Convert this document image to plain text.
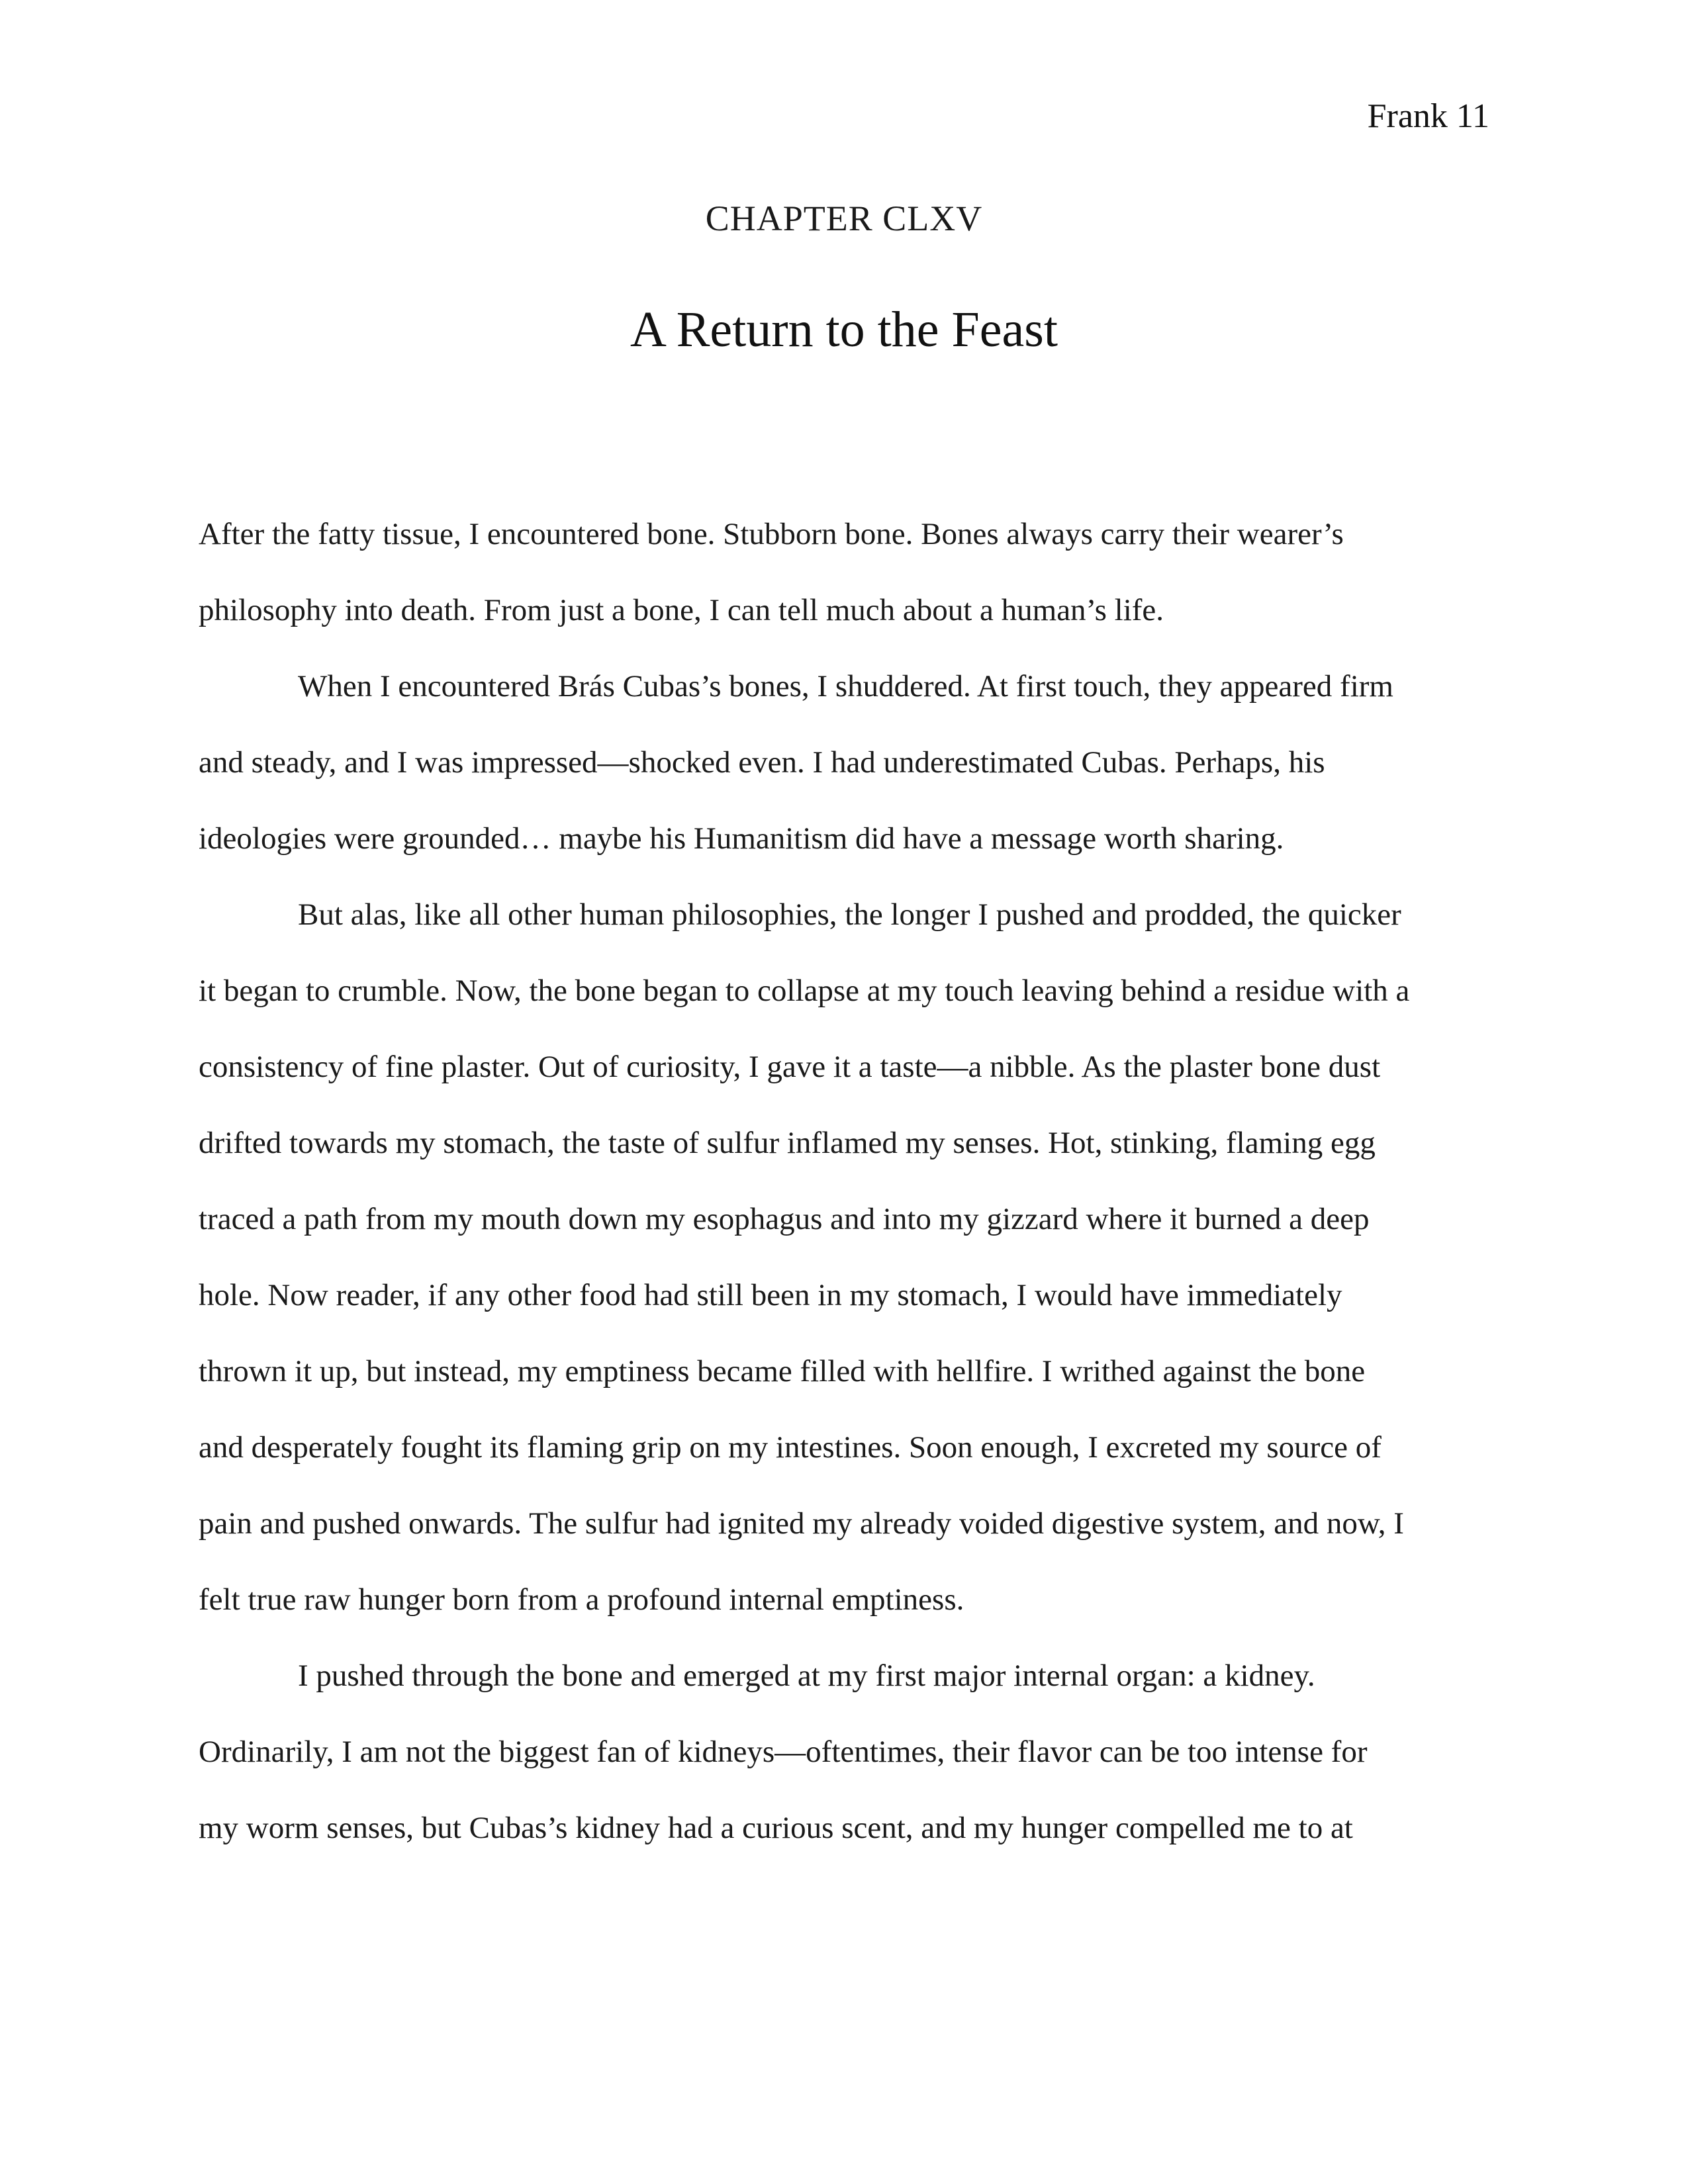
Frank 11
CHAPTER CLXV
A Return to the Feast
After the fatty tissue, I encountered bone. Stubborn bone. Bones always carry their wearer’s
philosophy into death. From just a bone, I can tell much about a human’s life.
When I encountered Brás Cubas’s bones, I shuddered. At first touch, they appeared firm
and steady, and I was impressed—shocked even. I had underestimated Cubas. Perhaps, his
ideologies were grounded… maybe his Humanitism did have a message worth sharing.
But alas, like all other human philosophies, the longer I pushed and prodded, the quicker
it began to crumble. Now, the bone began to collapse at my touch leaving behind a residue with a
consistency of fine plaster. Out of curiosity, I gave it a taste—a nibble. As the plaster bone dust
drifted towards my stomach, the taste of sulfur inflamed my senses. Hot, stinking, flaming egg
traced a path from my mouth down my esophagus and into my gizzard where it burned a deep
hole. Now reader, if any other food had still been in my stomach, I would have immediately
thrown it up, but instead, my emptiness became filled with hellfire. I writhed against the bone
and desperately fought its flaming grip on my intestines. Soon enough, I excreted my source of
pain and pushed onwards. The sulfur had ignited my already voided digestive system, and now, I
felt true raw hunger born from a profound internal emptiness.
I pushed through the bone and emerged at my first major internal organ: a kidney.
Ordinarily, I am not the biggest fan of kidneys—oftentimes, their flavor can be too intense for
my worm senses, but Cubas’s kidney had a curious scent, and my hunger compelled me to at
